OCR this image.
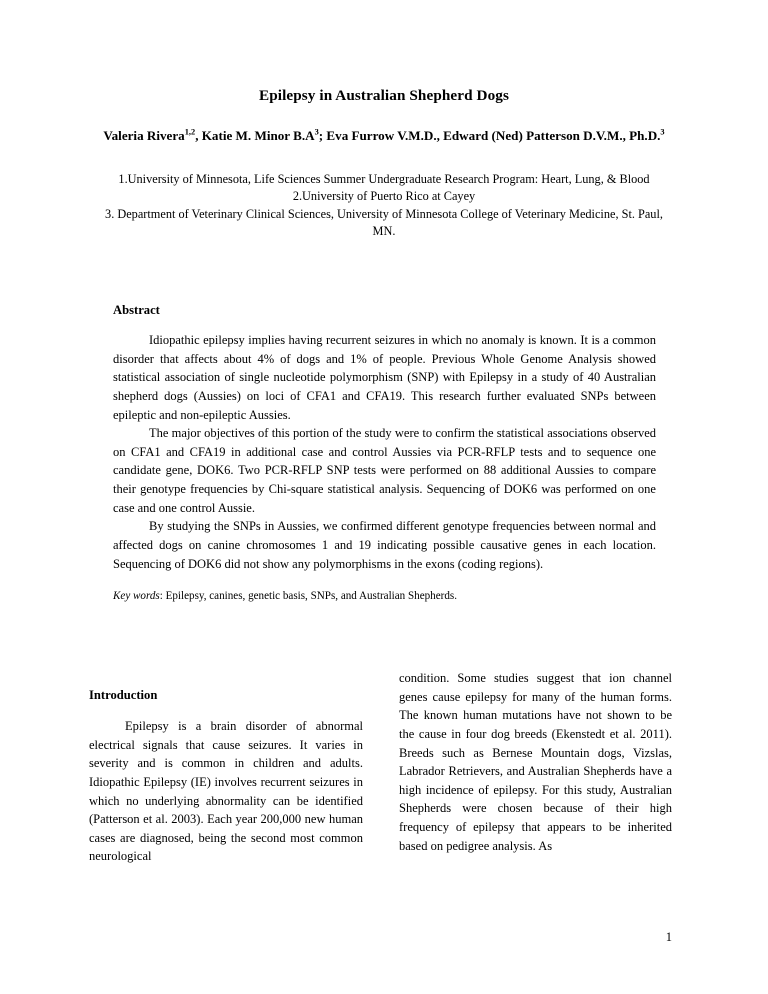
Epilepsy in Australian Shepherd Dogs

Valeria Rivera$^{1,2}$, Katie M. Minor $B.A^3$; Eva Furrow V.M.D., Edward (Ned) Patterson D.V.M., Ph.D.$^3$

1.University of Minnesota, Life Sciences Summer Undergraduate Research Program: Heart, Lung, & Blood
2.University of Puerto Rico at Cayey
3. Department of Veterinary Clinical Sciences, University of Minnesota College of Veterinary Medicine, St. Paul, MN.
Abstract

Idiopathic epilepsy implies having recurrent seizures in which no anomaly is known. It is a common disorder that affects about 4% of dogs and 1% of people. Previous Whole Genome Analysis showed statistical association of single nucleotide polymorphism (SNP) with Epilepsy in a study of 40 Australian shepherd dogs (Aussies) on loci of CFA1 and CFA19. This research further evaluated SNPs between epileptic and non-epileptic Aussies.

The major objectives of this portion of the study were to confirm the statistical associations observed on CFA1 and CFA19 in additional case and control Aussies via PCR-RFLP tests and to sequence one candidate gene, DOK6. Two PCR-RFLP SNP tests were performed on 88 additional Aussies to compare their genotype frequencies by Chi-square statistical analysis. Sequencing of DOK6 was performed on one case and one control Aussie.

By studying the SNPs in Aussies, we confirmed different genotype frequencies between normal and affected dogs on canine chromosomes 1 and 19 indicating possible causative genes in each location. Sequencing of DOK6 did not show any polymorphisms in the exons (coding regions).

Key words: Epilepsy, canines, genetic basis, SNPs, and Australian Shepherds.

Introduction

Epilepsy is a brain disorder of abnormal electrical signals that cause seizures. It varies in severity and is common in children and adults. Idiopathic Epilepsy (IE) involves recurrent seizures in which no underlying abnormality can be identified (Patterson et al. 2003). Each year 200,000 new human cases are diagnosed, being the second most common neurological

condition. Some studies suggest that ion channel genes cause epilepsy for many of the human forms. The known human mutations have not shown to be the cause in four dog breeds (Ekenstedt et al. 2011). Breeds such as Bernese Mountain dogs, Vizslas, Labrador Retrievers, and Australian Shepherds have a high incidence of epilepsy. For this study, Australian Shepherds were chosen because of their high frequency of epilepsy that appears to be inherited based on pedigree analysis. As

1
